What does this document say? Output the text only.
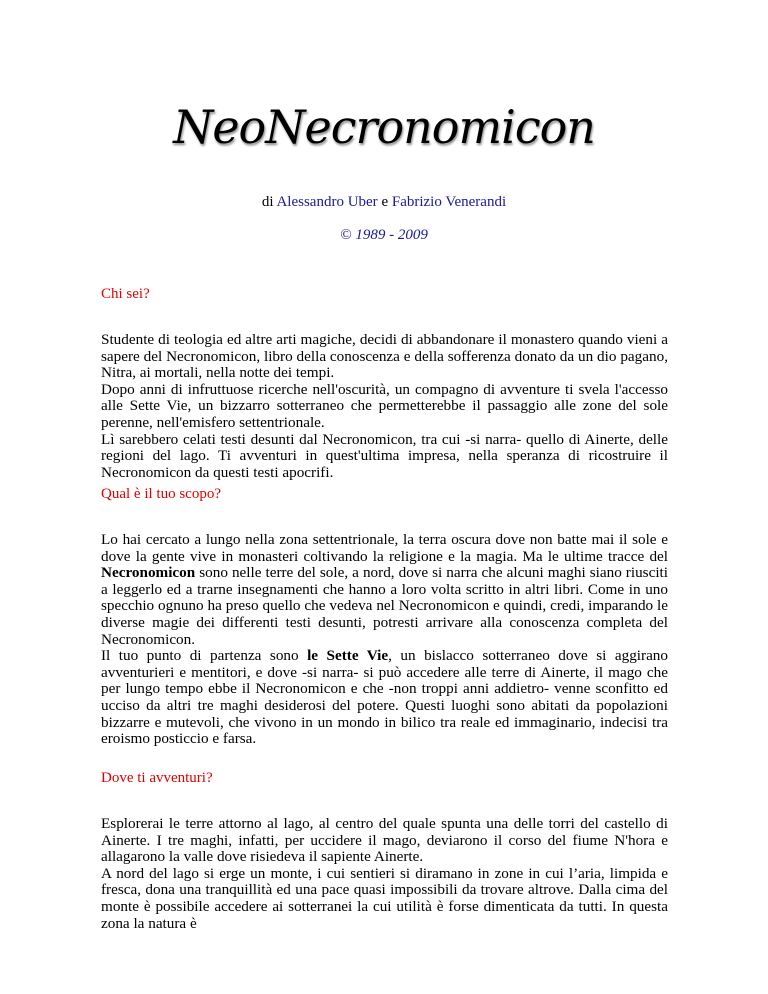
NeoNecronomicon
di Alessandro Uber e Fabrizio Venerandi
© 1989 - 2009
Chi sei?
Studente di teologia ed altre arti magiche, decidi di abbandonare il monastero quando vieni a sapere del Necronomicon, libro della conoscenza e della sofferenza donato da un dio pagano, Nitra, ai mortali, nella notte dei tempi.
Dopo anni di infruttuose ricerche nell'oscurità, un compagno di avventure ti svela l'accesso alle Sette Vie, un bizzarro sotterraneo che permetterebbe il passaggio alle zone del sole perenne, nell'emisfero settentrionale.
Lì sarebbero celati testi desunti dal Necronomicon, tra cui -si narra- quello di Ainerte, delle regioni del lago. Ti avventuri in quest'ultima impresa, nella speranza di ricostruire il Necronomicon da questi testi apocrifi.
Qual è il tuo scopo?
Lo hai cercato a lungo nella zona settentrionale, la terra oscura dove non batte mai il sole e dove la gente vive in monasteri coltivando la religione e la magia. Ma le ultime tracce del Necronomicon sono nelle terre del sole, a nord, dove si narra che alcuni maghi siano riusciti a leggerlo ed a trarne insegnamenti che hanno a loro volta scritto in altri libri. Come in uno specchio ognuno ha preso quello che vedeva nel Necronomicon e quindi, credi, imparando le diverse magie dei differenti testi desunti, potresti arrivare alla conoscenza completa del Necronomicon.
Il tuo punto di partenza sono le Sette Vie, un bislacco sotterraneo dove si aggirano avventurieri e mentitori, e dove -si narra- si può accedere alle terre di Ainerte, il mago che per lungo tempo ebbe il Necronomicon e che -non troppi anni addietro- venne sconfitto ed ucciso da altri tre maghi desiderosi del potere. Questi luoghi sono abitati da popolazioni bizzarre e mutevoli, che vivono in un mondo in bilico tra reale ed immaginario, indecisi tra eroismo posticcio e farsa.
Dove ti avventuri?
Esplorerai le terre attorno al lago, al centro del quale spunta una delle torri del castello di Ainerte. I tre maghi, infatti, per uccidere il mago, deviarono il corso del fiume N'hora e allagarono la valle dove risiedeva il sapiente Ainerte.
A nord del lago si erge un monte, i cui sentieri si diramano in zone in cui l’aria, limpida e fresca, dona una tranquillità ed una pace quasi impossibili da trovare altrove. Dalla cima del monte è possibile accedere ai sotterranei la cui utilità è forse dimenticata da tutti. In questa zona la natura è
